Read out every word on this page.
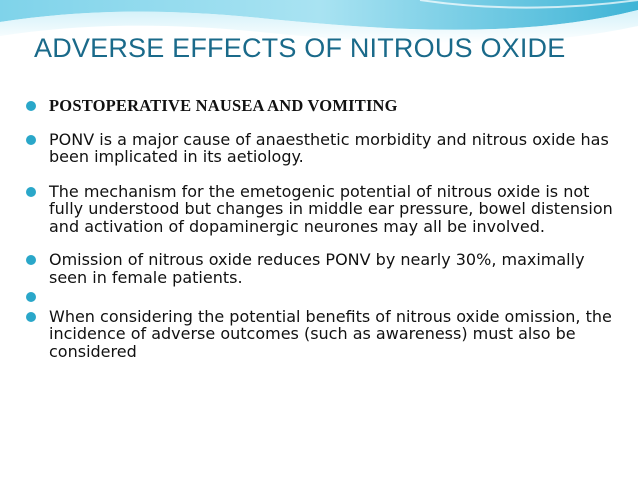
ADVERSE EFFECTS OF NITROUS OXIDE
POSTOPERATIVE NAUSEA AND VOMITING
PONV is a major cause of anaesthetic morbidity and nitrous oxide has been implicated in its aetiology.
The mechanism for the emetogenic potential of nitrous oxide is not fully understood but changes in middle ear pressure, bowel distension and activation of dopaminergic neurones may all be involved.
Omission of nitrous oxide reduces PONV by nearly 30%, maximally seen in female patients.
When considering the potential benefits of nitrous oxide omission, the incidence of adverse outcomes (such as awareness) must also be considered
